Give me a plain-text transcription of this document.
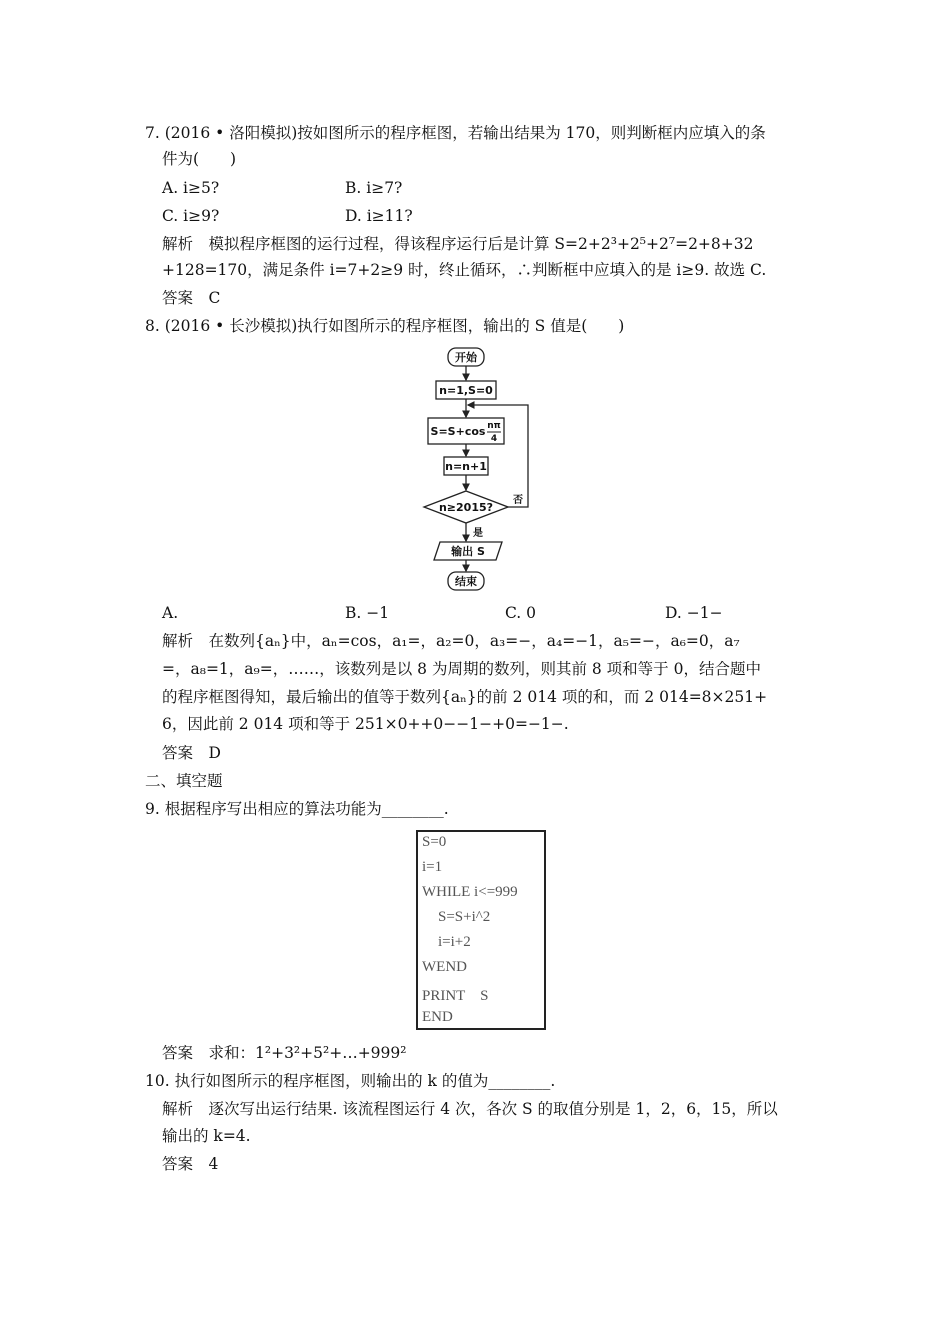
7. (2016 • 洛阳模拟)按如图所示的程序框图，若输出结果为 170，则判断框内应填入的条
件为(　　)
A. i≥5?	B. i≥7?
C. i≥9?	D. i≥11?
解析　模拟程序框图的运行过程，得该程序运行后是计算 S=2+2³+2⁵+2⁷=2+8+32
+128=170，满足条件 i=7+2≥9 时，终止循环，∴判断框中应填入的是 i≥9. 故选 C.
答案　C
8. (2016 • 长沙模拟)执行如图所示的程序框图，输出的 S 值是(　　)
开始
n=1,S=0
S=S+cos nπ
4
n=n+1
n≥2015?
否
是
输出 S
结束
A.	B. −1	C. 0	D. −1−
解析　在数列{aₙ}中，aₙ=cos，a₁=，a₂=0，a₃=−，a₄=−1，a₅=−，a₆=0，a₇
=，a₈=1，a₉=，……，该数列是以 8 为周期的数列，则其前 8 项和等于 0，结合题中
的程序框图得知，最后输出的值等于数列{aₙ}的前 2 014 项的和，而 2 014=8×251+
6，因此前 2 014 项和等于 251×0++0−−1−+0=−1−.
答案　D
二、填空题
9. 根据程序写出相应的算法功能为________.
S=0
i=1
WHILE i<=999
S=S+i^2
i=i+2
WEND
PRINT　S
END
答案　求和：1²+3²+5²+…+999²
10. 执行如图所示的程序框图，则输出的 k 的值为________.
解析　逐次写出运行结果. 该流程图运行 4 次，各次 S 的取值分别是 1，2，6，15，所以
输出的 k=4.
答案　4
